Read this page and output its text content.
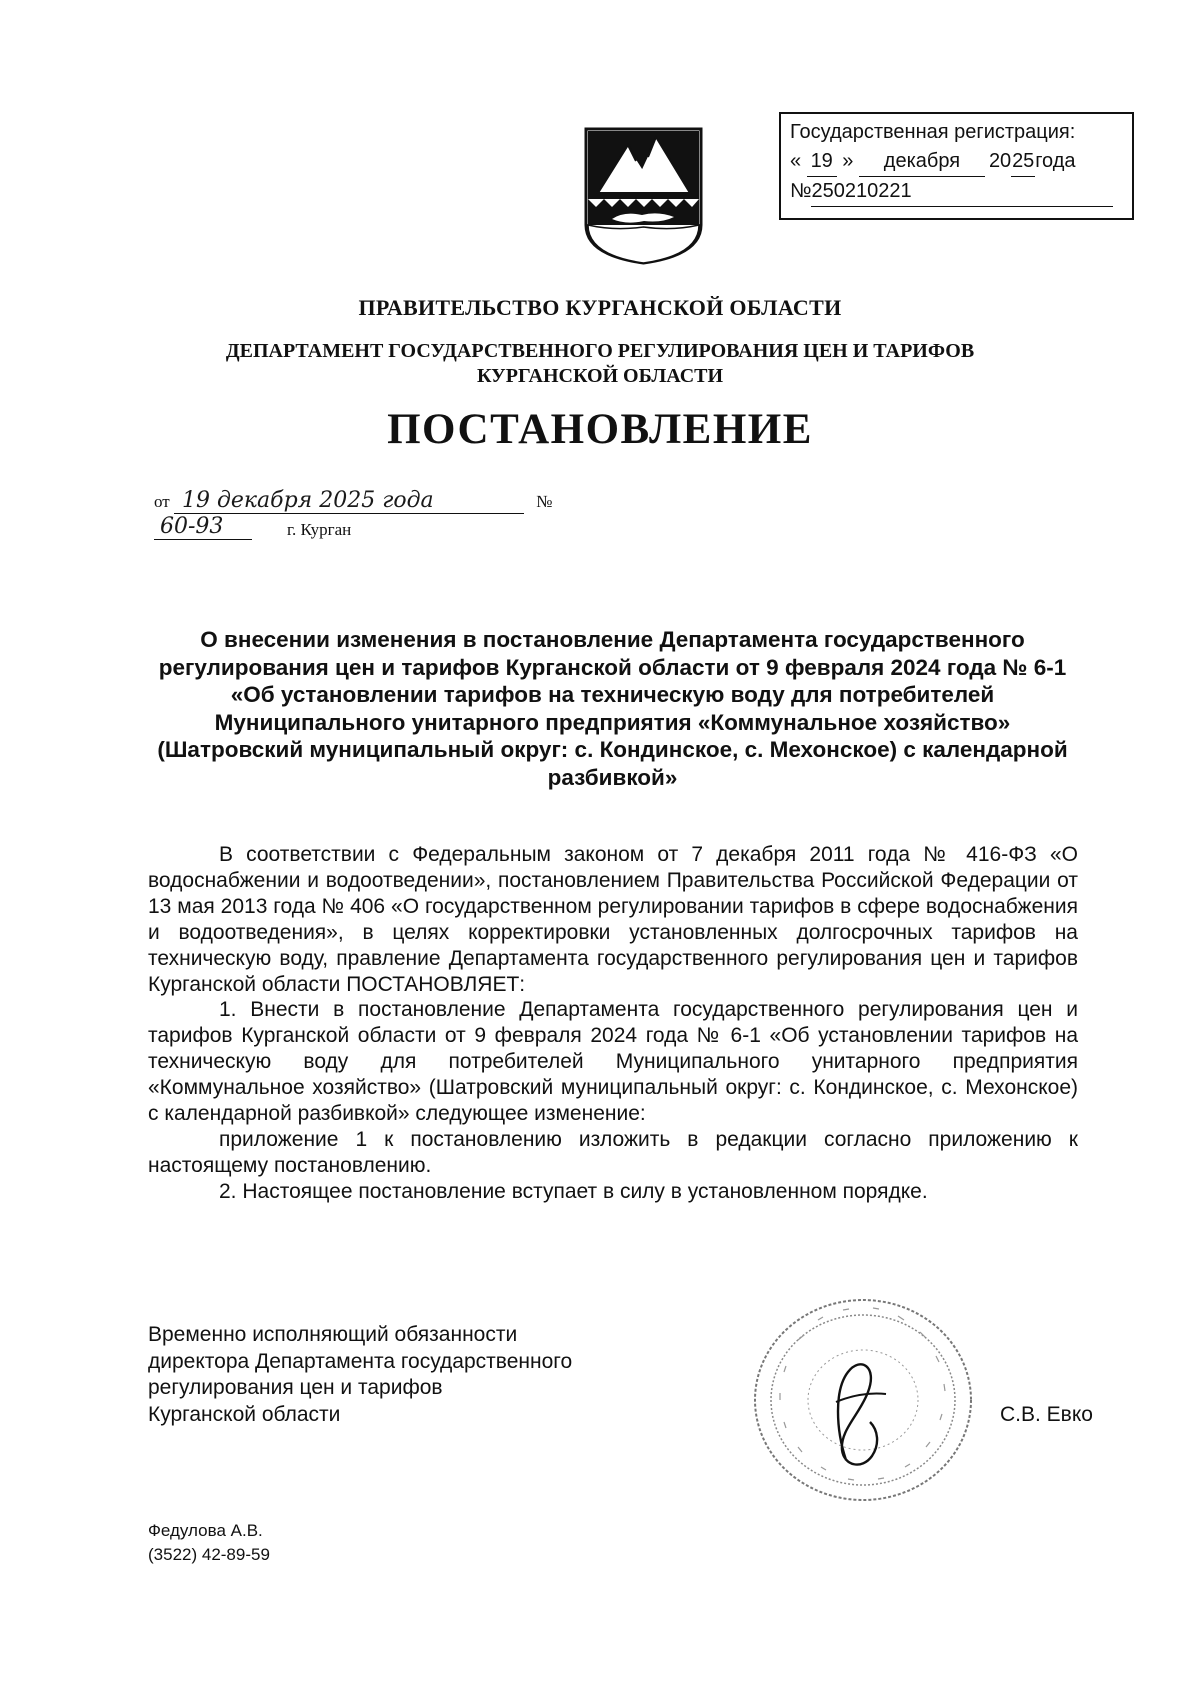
Государственная регистрация:
« 19 » декабря 2025года
№250210221
ПРАВИТЕЛЬСТВО КУРГАНСКОЙ ОБЛАСТИ
ДЕПАРТАМЕНТ ГОСУДАРСТВЕННОГО РЕГУЛИРОВАНИЯ ЦЕН И ТАРИФОВ
КУРГАНСКОЙ ОБЛАСТИ
ПОСТАНОВЛЕНИЕ
от 19 декабря 2025 года	№ 60-93	г. Курган
О внесении изменения в постановление Департамента государственного
регулирования цен и тарифов Курганской области от 9 февраля 2024 года № 6-1
«Об установлении тарифов на техническую воду для потребителей
Муниципального унитарного предприятия «Коммунальное хозяйство»
(Шатровский муниципальный округ: с. Кондинское, с. Мехонское) с календарной
разбивкой»

В соответствии с Федеральным законом от 7 декабря 2011 года № 416-ФЗ «О водоснабжении и водоотведении», постановлением Правительства Российской Федерации от 13 мая 2013 года № 406 «О государственном регулировании тарифов в сфере водоснабжения и водоотведения», в целях корректировки установленных долгосрочных тарифов на техническую воду, правление Департамента государственного регулирования цен и тарифов Курганской области ПОСТАНОВЛЯЕТ:

1. Внести в постановление Департамента государственного регулирования цен и тарифов Курганской области от 9 февраля 2024 года № 6-1 «Об установлении тарифов на техническую воду для потребителей Муниципального унитарного предприятия «Коммунальное хозяйство» (Шатровский муниципальный округ: с. Кондинское, с. Мехонское) с календарной разбивкой» следующее изменение:

приложение 1 к постановлению изложить в редакции согласно приложению к настоящему постановлению.

2. Настоящее постановление вступает в силу в установленном порядке.

Временно исполняющий обязанности
директора Департамента государственного
регулирования цен и тарифов
Курганской области	С.В. Евко
Федулова А.В.
(3522) 42-89-59
